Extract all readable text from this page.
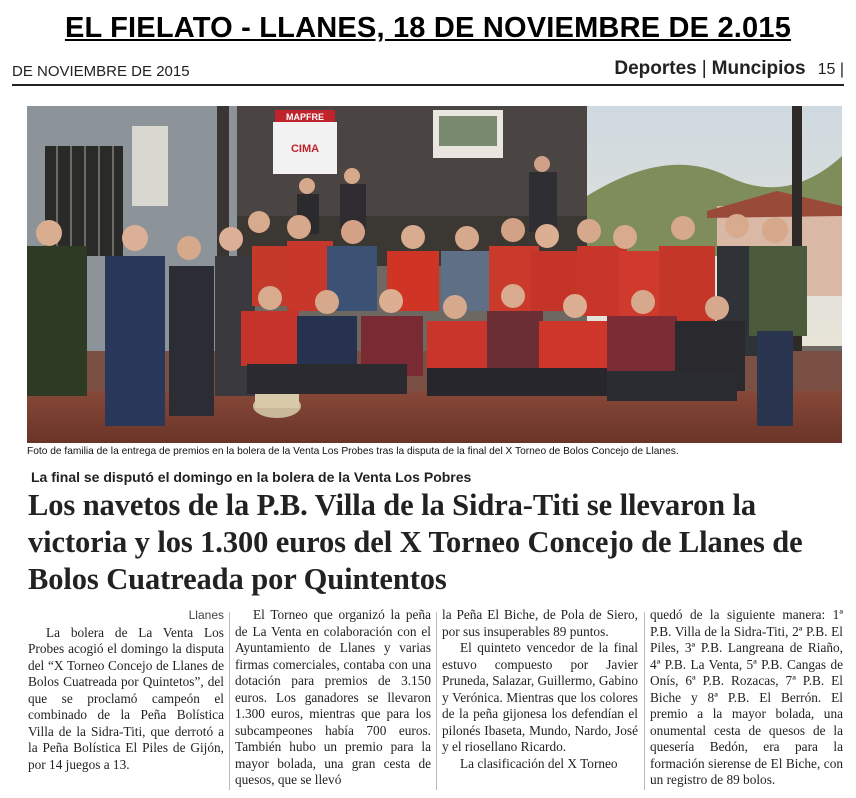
EL FIELATO - LLANES, 18 DE NOVIEMBRE DE 2.015
DE NOVIEMBRE DE 2015	Deportes | Muncipios 15 |
MAPFRE
CIMA
Foto de familia de la entrega de premios en la bolera de la Venta Los Probes tras la disputa de la final del X Torneo de Bolos Concejo de Llanes.
La final se disputó el domingo en la bolera de la Venta Los Pobres
Los navetos de la P.B. Villa de la Sidra-Titi se llevaron la victoria y los 1.300 euros del X Torneo Concejo de Llanes de Bolos Cuatreada por Quintentos
Llanes

La bolera de La Venta Los Probes acogió el domingo la disputa del “X Torneo Concejo de Llanes de Bolos Cuatreada por Quintetos”, del que se proclamó campeón el combinado de la Peña Bolística Villa de la Sidra-Titi, que derrotó a la Peña Bolística El Piles de Gijón, por 14 juegos a 13.

El Torneo que organizó la peña de La Venta en colaboración con el Ayuntamiento de Llanes y varias firmas comerciales, contaba con una dotación para premios de 3.150 euros. Los ganadores se llevaron 1.300 euros, mientras que para los subcampeones había 700 euros. También hubo un premio para la mayor bolada, una gran cesta de quesos, que se llevó

la Peña El Biche, de Pola de Siero, por sus insuperables 89 puntos.

El quinteto vencedor de la final estuvo compuesto por Javier Pruneda, Salazar, Guillermo, Gabino y Verónica. Mientras que los colores de la peña gijonesa los defendían el pilonés Ibaseta, Mundo, Nardo, José y el riosellano Ricardo.

La clasificación del X Torneo

quedó de la siguiente manera: 1ª P.B. Villa de la Sidra-Titi, 2ª P.B. El Piles, 3ª P.B. Langreana de Riaño, 4ª P.B. La Venta, 5ª P.B. Cangas de Onís, 6ª P.B. Rozacas, 7ª P.B. El Biche y 8ª P.B. El Berrón. El premio a la mayor bolada, una onumental cesta de quesos de la quesería Bedón, era para la formación sierense de El Biche, con un registro de 89 bolos.
